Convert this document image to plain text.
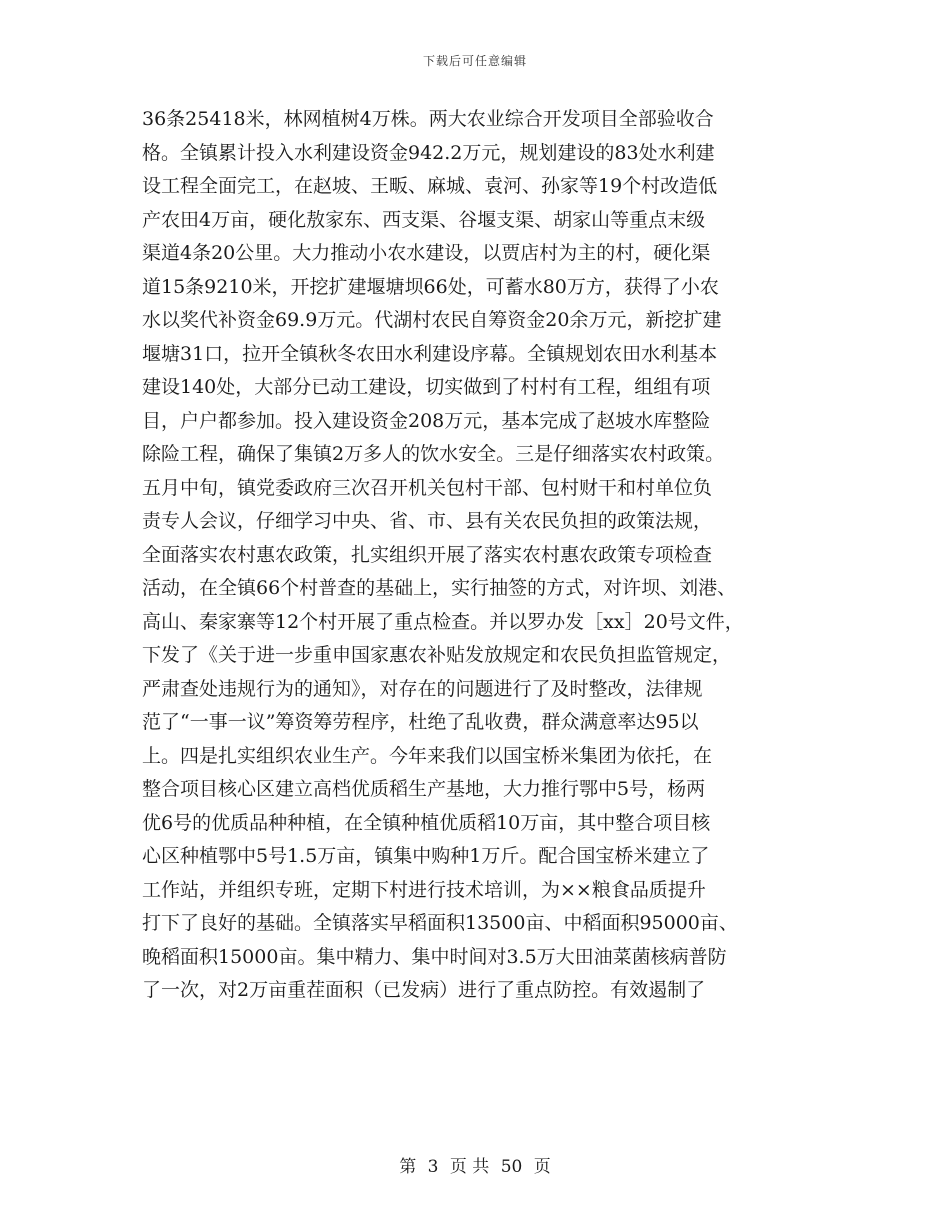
下载后可任意编辑
36条25418米，林网植树4万株。两大农业综合开发项目全部验收合
格。全镇累计投入水利建设资金942.2万元，规划建设的83处水利建
设工程全面完工，在赵坡、王畈、麻城、袁河、孙家等19个村改造低
产农田4万亩，硬化敖家东、西支渠、谷堰支渠、胡家山等重点末级
渠道4条20公里。大力推动小农水建设，以贾店村为主的村，硬化渠
道15条9210米，开挖扩建堰塘坝66处，可蓄水80万方，获得了小农
水以奖代补资金69.9万元。代湖村农民自筹资金20余万元，新挖扩建
堰塘31口，拉开全镇秋冬农田水利建设序幕。全镇规划农田水利基本
建设140处，大部分已动工建设，切实做到了村村有工程，组组有项
目，户户都参加。投入建设资金208万元，基本完成了赵坡水库整险
除险工程，确保了集镇2万多人的饮水安全。三是仔细落实农村政策。
五月中旬，镇党委政府三次召开机关包村干部、包村财干和村单位负
责专人会议，仔细学习中央、省、市、县有关农民负担的政策法规，
全面落实农村惠农政策，扎实组织开展了落实农村惠农政策专项检查
活动，在全镇66个村普查的基础上，实行抽签的方式，对许坝、刘港、
高山、秦家寨等12个村开展了重点检查。并以罗办发［xx］20号文件，
下发了《关于进一步重申国家惠农补贴发放规定和农民负担监管规定，
严肃查处违规行为的通知》，对存在的问题进行了及时整改，法律规
范了“一事一议”筹资筹劳程序，杜绝了乱收费，群众满意率达95以
上。四是扎实组织农业生产。今年来我们以国宝桥米集团为依托，在
整合项目核心区建立高档优质稻生产基地，大力推行鄂中5号，杨两
优6号的优质品种种植，在全镇种植优质稻10万亩，其中整合项目核
心区种植鄂中5号1.5万亩，镇集中购种1万斤。配合国宝桥米建立了
工作站，并组织专班，定期下村进行技术培训，为××粮食品质提升
打下了良好的基础。全镇落实早稻面积13500亩、中稻面积95000亩、
晚稻面积15000亩。集中精力、集中时间对3.5万大田油菜菌核病普防
了一次，对2万亩重茬面积（已发病）进行了重点防控。有效遏制了
第 3 页 共 50 页
